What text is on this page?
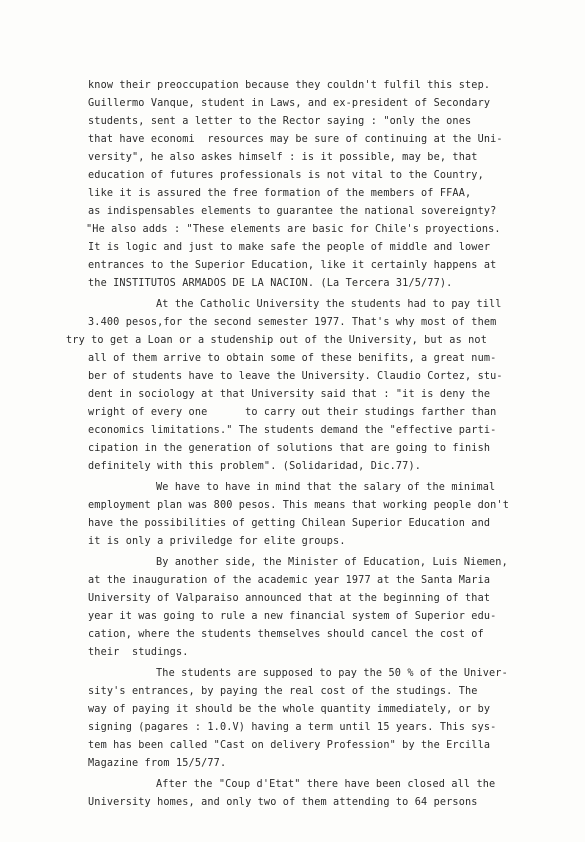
know their preoccupation because they couldn't fulfil this step.
Guillermo Vanque, student in Laws, and ex-president of Secondary
students, sent a letter to the Rector saying : "only the ones
that have economi  resources may be sure of continuing at the Uni-
versity", he also askes himself : is it possible, may be, that
education of futures professionals is not vital to the Country,
like it is assured the free formation of the members of FFAA,
as indispensables elements to guarantee the national sovereignty?
"He also adds : "These elements are basic for Chile's proyections.
It is logic and just to make safe the people of middle and lower
entrances to the Superior Education, like it certainly happens at
the INSTITUTOS ARMADOS DE LA NACION. (La Tercera 31/5/77).
At the Catholic University the students had to pay till
3.400 pesos,for the second semester 1977. That's why most of them
try to get a Loan or a studenship out of the University, but as not
all of them arrive to obtain some of these benifits, a great num-
ber of students have to leave the University. Claudio Cortez, stu-
dent in sociology at that University said that : "it is deny the
wright of every one      to carry out their studings farther than
economics limitations." The students demand the "effective parti-
cipation in the generation of solutions that are going to finish
definitely with this problem". (Solidaridad, Dic.77).
We have to have in mind that the salary of the minimal
employment plan was 800 pesos. This means that working people don't
have the possibilities of getting Chilean Superior Education and
it is only a priviledge for elite groups.
By another side, the Minister of Education, Luis Niemen,
at the inauguration of the academic year 1977 at the Santa Maria
University of Valparaiso announced that at the beginning of that
year it was going to rule a new financial system of Superior edu-
cation, where the students themselves should cancel the cost of
their  studings.
The students are supposed to pay the 50 % of the Univer-
sity's entrances, by paying the real cost of the studings. The
way of paying it should be the whole quantity immediately, or by
signing (pagares : 1.0.V) having a term until 15 years. This sys-
tem has been called "Cast on delivery Profession" by the Ercilla
Magazine from 15/5/77.
After the "Coup d'Etat" there have been closed all the
University homes, and only two of them attending to 64 persons
